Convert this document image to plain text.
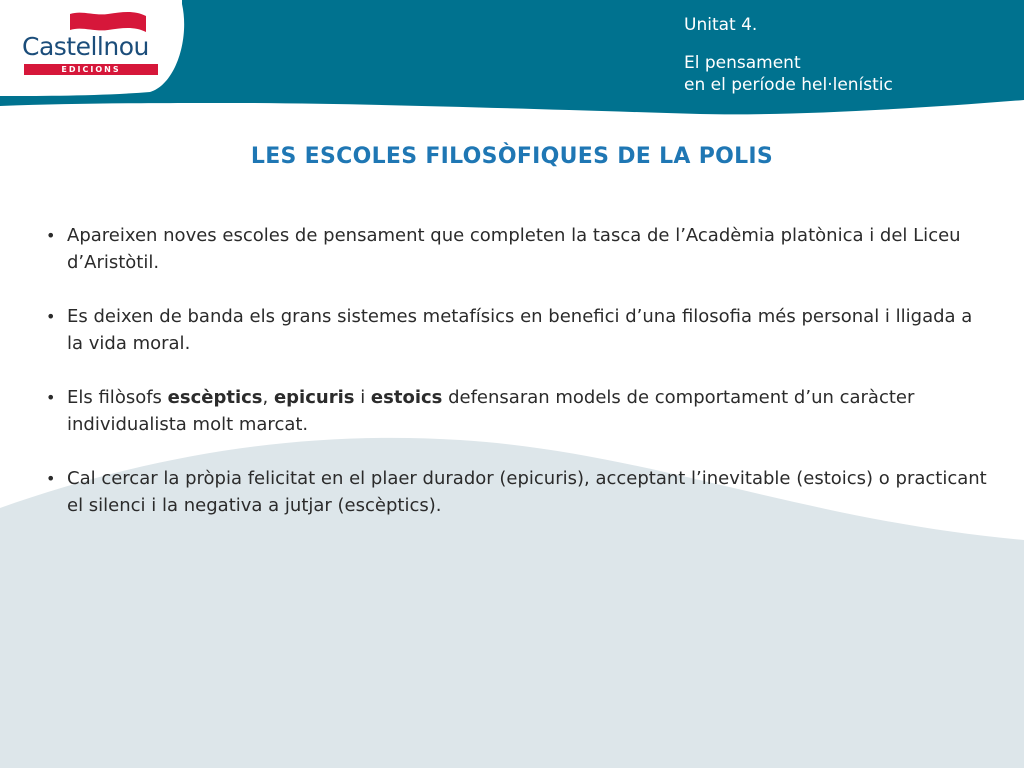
Castellnou
EDICIONS
Unitat 4.
El pensament
en el període hel·lenístic
LES ESCOLES FILOSÒFIQUES DE LA POLIS
• Apareixen noves escoles de pensament que completen la tasca de l’Acadèmia platònica i del Liceu d’Aristòtil.
• Es deixen de banda els grans sistemes metafísics en benefici d’una filosofia més personal i lligada a la vida moral.
• Els filòsofs escèptics, epicuris i estoics defensaran models de comportament d’un caràcter individualista molt marcat.
• Cal cercar la pròpia felicitat en el plaer durador (epicuris), acceptant l’inevitable (estoics) o practicant el silenci i la negativa a jutjar (escèptics).
